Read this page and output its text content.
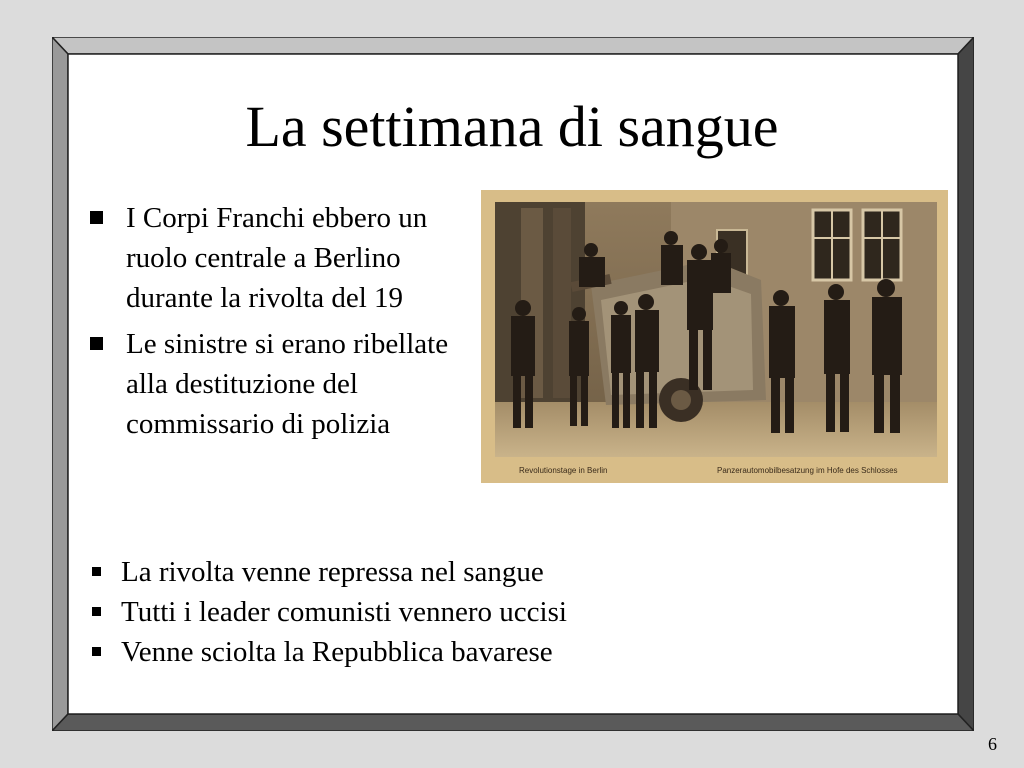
La settimana di sangue
I Corpi Franchi ebbero un ruolo centrale a Berlino durante la rivolta del 19
Le sinistre si erano ribellate alla destituzione del commissario di polizia
Revolutionstage in Berlin	Panzerautomobilbesatzung im Hofe des Schlosses
La rivolta venne repressa nel sangue
Tutti i leader comunisti vennero uccisi
Venne sciolta la Repubblica bavarese
6
